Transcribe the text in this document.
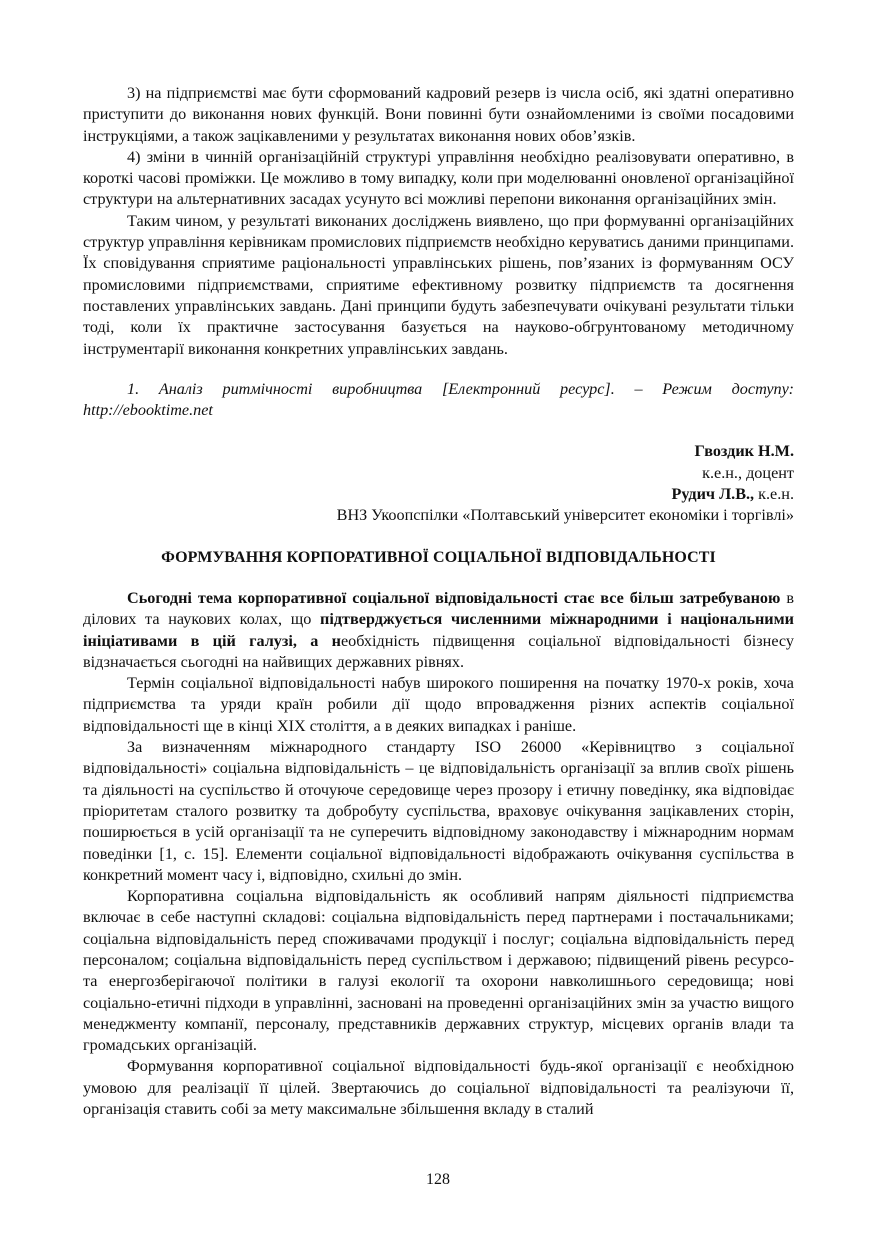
3) на підприємстві має бути сформований кадровий резерв із числа осіб, які здатні оперативно приступити до виконання нових функцій. Вони повинні бути ознайомленими із своїми посадовими інструкціями, а також зацікавленими у результатах виконання нових обов’язків.

4) зміни в чинній організаційній структурі управління необхідно реалізовувати оперативно, в короткі часові проміжки. Це можливо в тому випадку, коли при моделюванні оновленої організаційної структури на альтернативних засадах усунуто всі можливі перепони виконання організаційних змін.

Таким чином, у результаті виконаних досліджень виявлено, що при формуванні організаційних структур управління керівникам промислових підприємств необхідно керуватись даними принципами. Їх сповідування сприятиме раціональності управлінських рішень, пов’язаних із формуванням ОСУ промисловими підприємствами, сприятиме ефективному розвитку підприємств та досягнення поставлених управлінських завдань. Дані принципи будуть забезпечувати очікувані результати тільки тоді, коли їх практичне застосування базується на науково-обгрунтованому методичному інструментарії виконання конкретних управлінських завдань.

1. Аналіз ритмічності виробництва [Електронний ресурс]. – Режим доступу: http://ebooktime.net

Гвоздик Н.М.
к.е.н., доцент
Рудич Л.В., к.е.н.
ВНЗ Укоопспілки «Полтавський університет економіки і торгівлі»
ФОРМУВАННЯ КОРПОРАТИВНОЇ СОЦІАЛЬНОЇ ВІДПОВІДАЛЬНОСТІ

Сьогодні тема корпоративної соціальної відповідальності стає все більш затребуваною в ділових та наукових колах, що підтверджується численними міжнародними і національними ініціативами в цій галузі, а необхідність підвищення соціальної відповідальності бізнесу відзначається сьогодні на найвищих державних рівнях.

Термін соціальної відповідальності набув широкого поширення на початку 1970-х років, хоча підприємства та уряди країн робили дії щодо впровадження різних аспектів соціальної відповідальності ще в кінці XIX століття, а в деяких випадках і раніше.

За визначенням міжнародного стандарту ISO 26000 «Керівництво з соціальної відповідальності» соціальна відповідальність – це відповідальність організації за вплив своїх рішень та діяльності на суспільство й оточуюче середовище через прозору і етичну поведінку, яка відповідає пріоритетам сталого розвитку та добробуту суспільства, враховує очікування зацікавлених сторін, поширюється в усій організації та не суперечить відповідному законодавству і міжнародним нормам поведінки [1, с. 15]. Елементи соціальної відповідальності відображають очікування суспільства в конкретний момент часу і, відповідно, схильні до змін.

Корпоративна соціальна відповідальність як особливий напрям діяльності підприємства включає в себе наступні складові: соціальна відповідальність перед партнерами і постачальниками; соціальна відповідальність перед споживачами продукції і послуг; соціальна відповідальність перед персоналом; соціальна відповідальність перед суспільством і державою; підвищений рівень ресурсо- та енергозберігаючої політики в галузі екології та охорони навколишнього середовища; нові соціально-етичні підходи в управлінні, засновані на проведенні організаційних змін за участю вищого менеджменту компанії, персоналу, представників державних структур, місцевих органів влади та громадських організацій.

Формування корпоративної соціальної відповідальності будь-якої організації є необхідною умовою для реалізації її цілей. Звертаючись до соціальної відповідальності та реалізуючи її, організація ставить собі за мету максимальне збільшення вкладу в сталий

128
